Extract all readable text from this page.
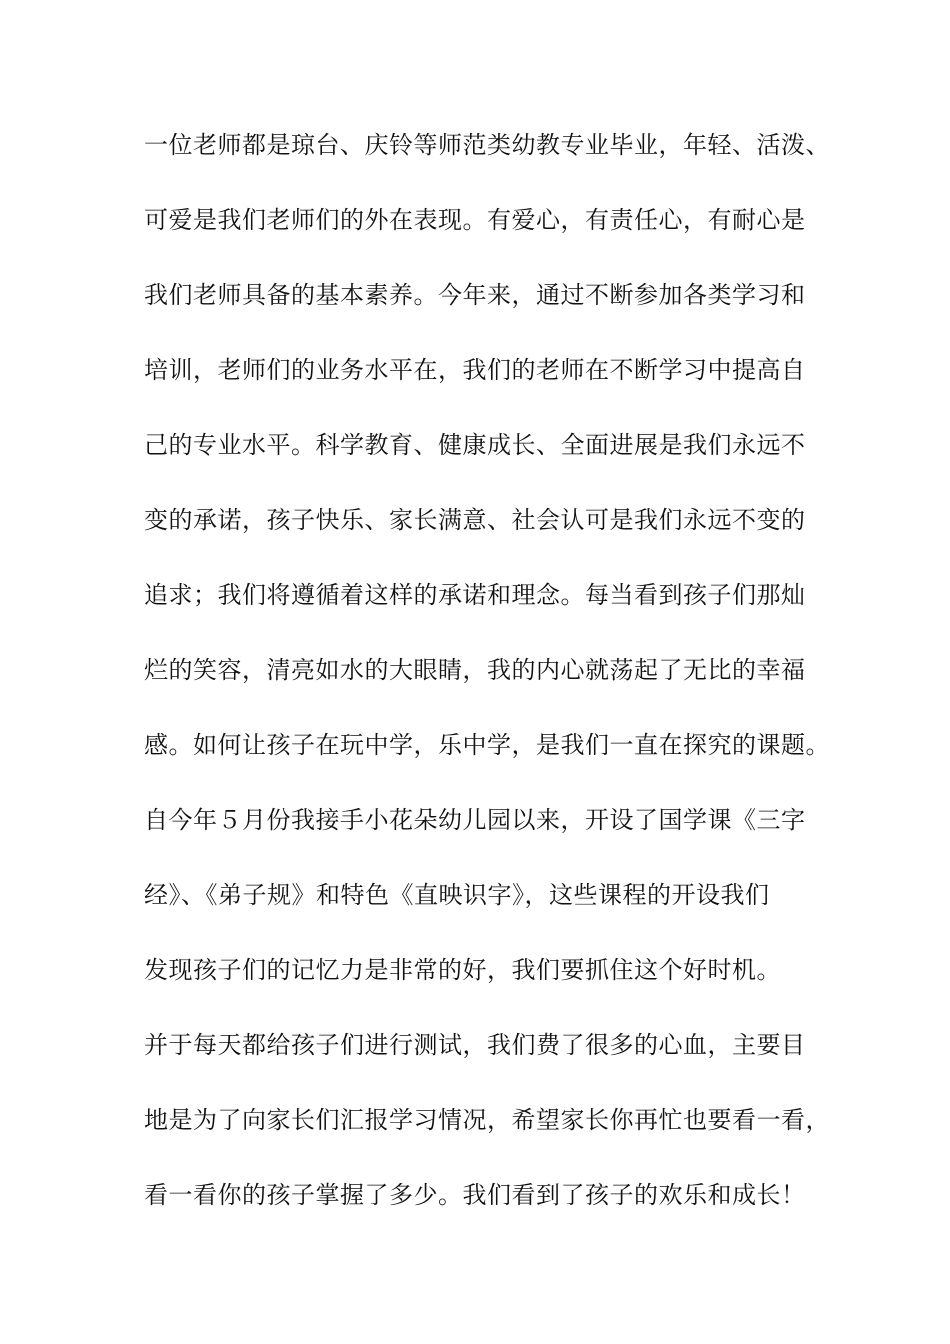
一位老师都是琼台、庆铃等师范类幼教专业毕业，年轻、活泼、
可爱是我们老师们的外在表现。有爱心，有责任心，有耐心是
我们老师具备的基本素养。今年来，通过不断参加各类学习和
培训，老师们的业务水平在，我们的老师在不断学习中提高自
己的专业水平。科学教育、健康成长、全面进展是我们永远不
变的承诺，孩子快乐、家长满意、社会认可是我们永远不变的
追求；我们将遵循着这样的承诺和理念。每当看到孩子们那灿
烂的笑容，清亮如水的大眼睛，我的内心就荡起了无比的幸福
感。如何让孩子在玩中学，乐中学，是我们一直在探究的课题。
自今年５月份我接手小花朵幼儿园以来，开设了国学课《三字
经》、《弟子规》和特色《直映识字》，这些课程的开设我们
发现孩子们的记忆力是非常的好，我们要抓住这个好时机。
并于每天都给孩子们进行测试，我们费了很多的心血，主要目
地是为了向家长们汇报学习情况，希望家长你再忙也要看一看，
看一看你的孩子掌握了多少。我们看到了孩子的欢乐和成长！
